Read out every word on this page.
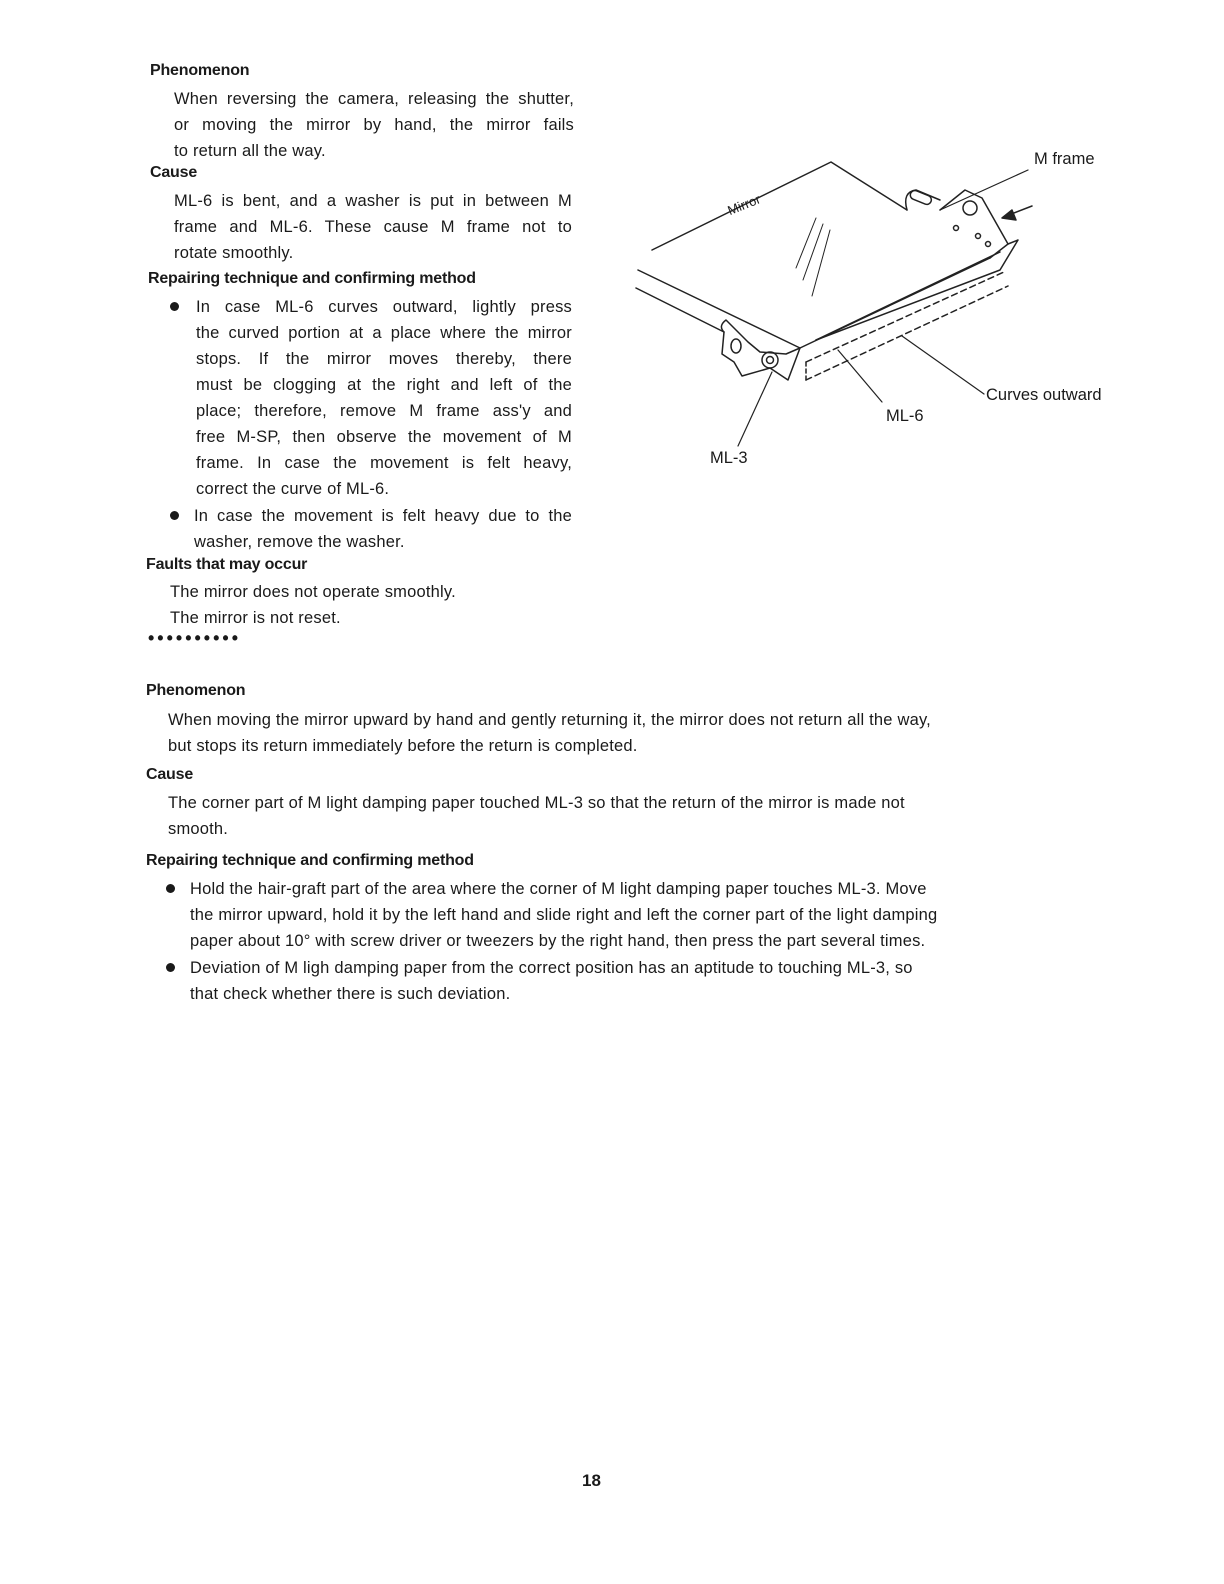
Phenomenon
When reversing the camera, releasing the shutter,
or moving the mirror by hand, the mirror fails
to return all the way.
Cause
ML-6 is bent, and a washer is put in between M
frame and ML-6. These cause M frame not to
rotate smoothly.
Repairing technique and confirming method
In case ML-6 curves outward, lightly press
the curved portion at a place where the mirror
stops. If the mirror moves thereby, there
must be clogging at the right and left of the
place; therefore, remove M frame ass'y and
free M-SP, then observe the movement of M
frame. In case the movement is felt heavy,
correct the curve of ML-6.
In case the movement is felt heavy due to the
washer, remove the washer.
Faults that may occur
The mirror does not operate smoothly.
The mirror is not reset.
••••••••••
M frame
Mirror
Curves outward
ML-6
ML-3
Phenomenon
When moving the mirror upward by hand and gently returning it, the mirror does not return all the way,
but stops its return immediately before the return is completed.
Cause
The corner part of M light damping paper touched ML-3 so that the return of the mirror is made not
smooth.
Repairing technique and confirming method
Hold the hair-graft part of the area where the corner of M light damping paper touches ML-3. Move
the mirror upward, hold it by the left hand and slide right and left the corner part of the light damping
paper about 10° with screw driver or tweezers by the right hand, then press the part several times.
Deviation of M ligh damping paper from the correct position has an aptitude to touching ML-3, so
that check whether there is such deviation.
18
